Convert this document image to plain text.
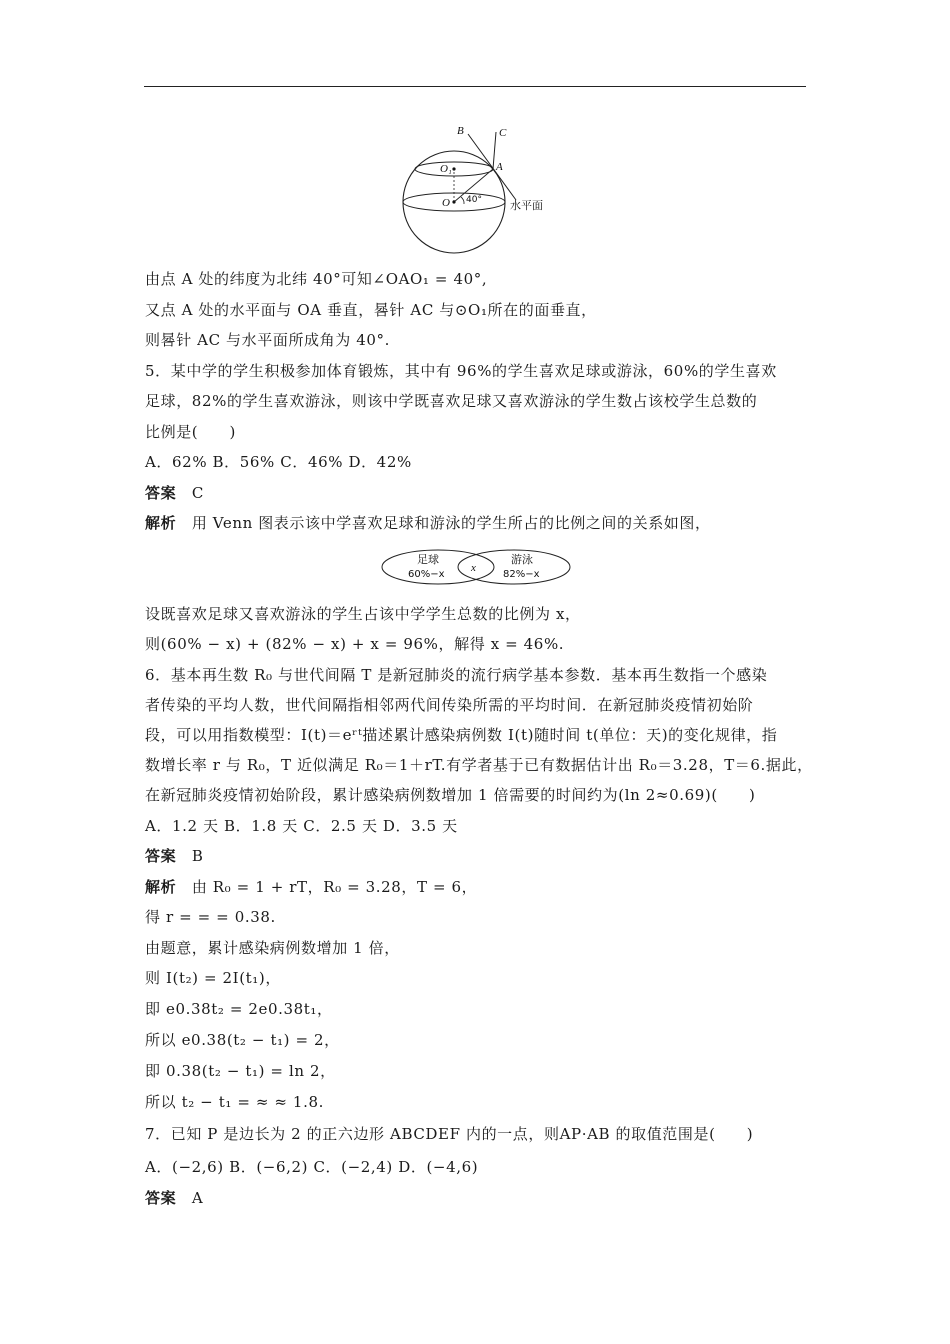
B	C
A
O₁
O 40°	水平面
足球
60%−x
x
游泳
82%−x
由点 A 处的纬度为北纬 40°可知∠OAO₁ = 40°,
又点 A 处的水平面与 OA 垂直，晷针 AC 与⊙O₁所在的面垂直，
则晷针 AC 与水平面所成角为 40°.
5．某中学的学生积极参加体育锻炼，其中有 96%的学生喜欢足球或游泳，60%的学生喜欢
足球，82%的学生喜欢游泳，则该中学既喜欢足球又喜欢游泳的学生数占该校学生总数的
比例是(　　)
A．62% B．56% C．46% D．42%
答案　 C
解析　 用 Venn 图表示该中学喜欢足球和游泳的学生所占的比例之间的关系如图，
设既喜欢足球又喜欢游泳的学生占该中学学生总数的比例为 x，
则(60% − x) + (82% − x) + x = 96%，解得 x = 46%.
6．基本再生数 R₀ 与世代间隔 T 是新冠肺炎的流行病学基本参数．基本再生数指一个感染
者传染的平均人数，世代间隔指相邻两代间传染所需的平均时间．在新冠肺炎疫情初始阶
段，可以用指数模型：I(t)＝eʳᵗ描述累计感染病例数 I(t)随时间 t(单位：天)的变化规律，指
数增长率 r 与 R₀，T 近似满足 R₀＝1＋rT.有学者基于已有数据估计出 R₀＝3.28，T＝6.据此，
在新冠肺炎疫情初始阶段，累计感染病例数增加 1 倍需要的时间约为(ln 2≈0.69)(　　)
A．1.2 天 B．1.8 天 C．2.5 天 D．3.5 天
答案　 B
解析　 由 R₀ = 1 + rT，R₀ = 3.28，T = 6，
得 r = = = 0.38.
由题意，累计感染病例数增加 1 倍，
则 I(t₂) = 2I(t₁)，
即 e0.38t₂ = 2e0.38t₁，
所以 e0.38(t₂ − t₁) = 2，
即 0.38(t₂ − t₁) = ln 2，
所以 t₂ − t₁ = ≈ ≈ 1.8.
7．已知 P 是边长为 2 的正六边形 ABCDEF 内的一点，则AP·AB 的取值范围是(　　)
A．(−2,6) B．(−6,2) C．(−2,4) D．(−4,6)
答案　 A
